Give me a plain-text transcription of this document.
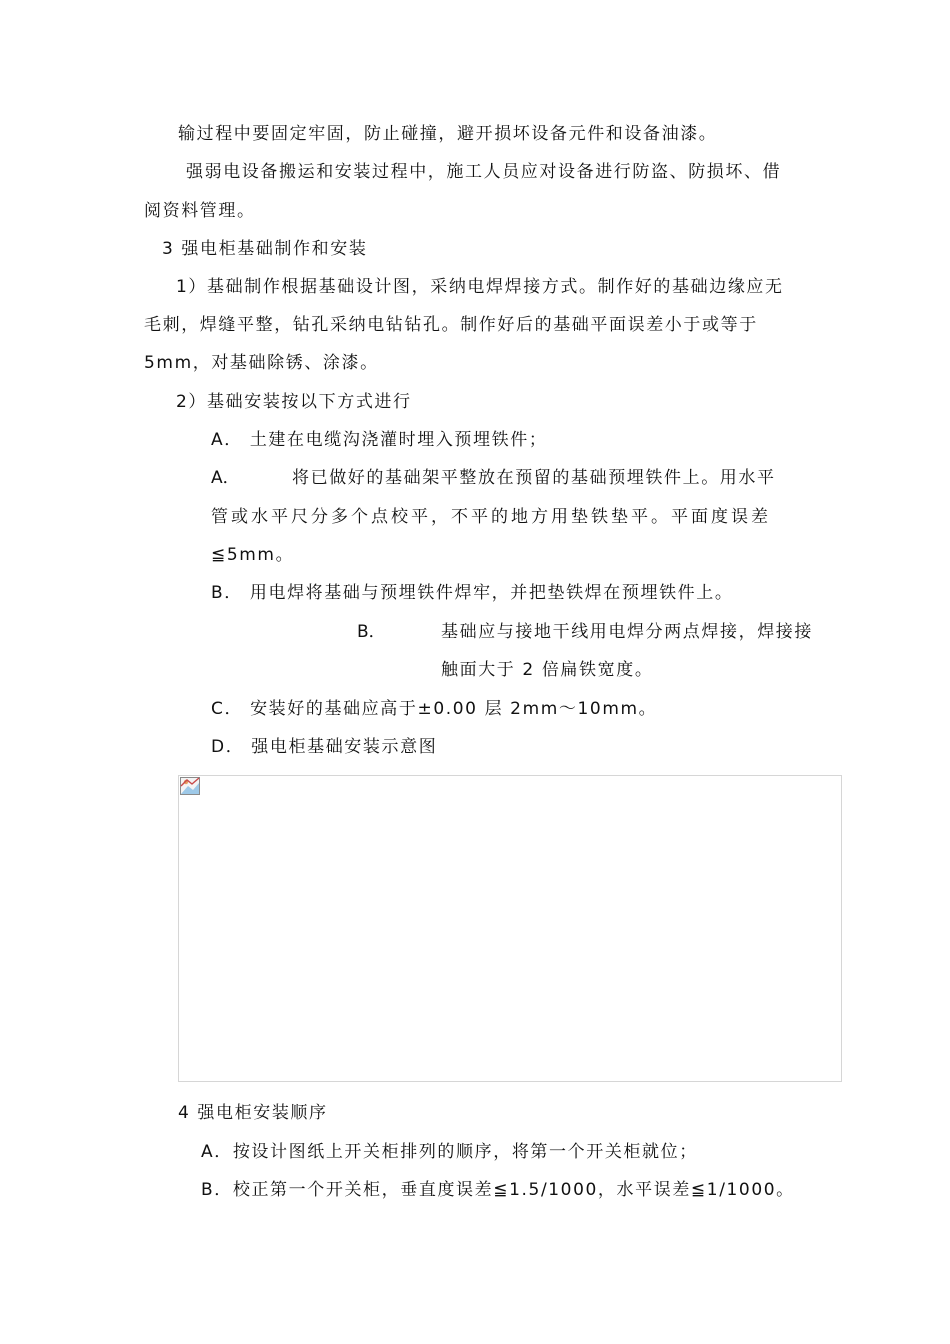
输过程中要固定牢固，防止碰撞，避开损坏设备元件和设备油漆。
强弱电设备搬运和安装过程中，施工人员应对设备进行防盗、防损坏、借
阅资料管理。
3 强电柜基础制作和安装
1）基础制作根据基础设计图，采纳电焊焊接方式。制作好的基础边缘应无
毛刺，焊缝平整，钻孔采纳电钻钻孔。制作好后的基础平面误差小于或等于
5mm，对基础除锈、涂漆。
2）基础安装按以下方式进行
A． 土建在电缆沟浇灌时埋入预埋铁件；
A．	将已做好的基础架平整放在预留的基础预埋铁件上。用水平
管或水平尺分多个点校平，不平的地方用垫铁垫平。平面度误差
≦5mm。
B． 用电焊将基础与预埋铁件焊牢，并把垫铁焊在预埋铁件上。
B．	基础应与接地干线用电焊分两点焊接，焊接接
触面大于 2 倍扁铁宽度。
C． 安装好的基础应高于±0.00 层 2mm～10mm。
D． 强电柜基础安装示意图
4 强电柜安装顺序
A．按设计图纸上开关柜排列的顺序，将第一个开关柜就位；
B．校正第一个开关柜，垂直度误差≦1.5/1000，水平误差≦1/1000。
